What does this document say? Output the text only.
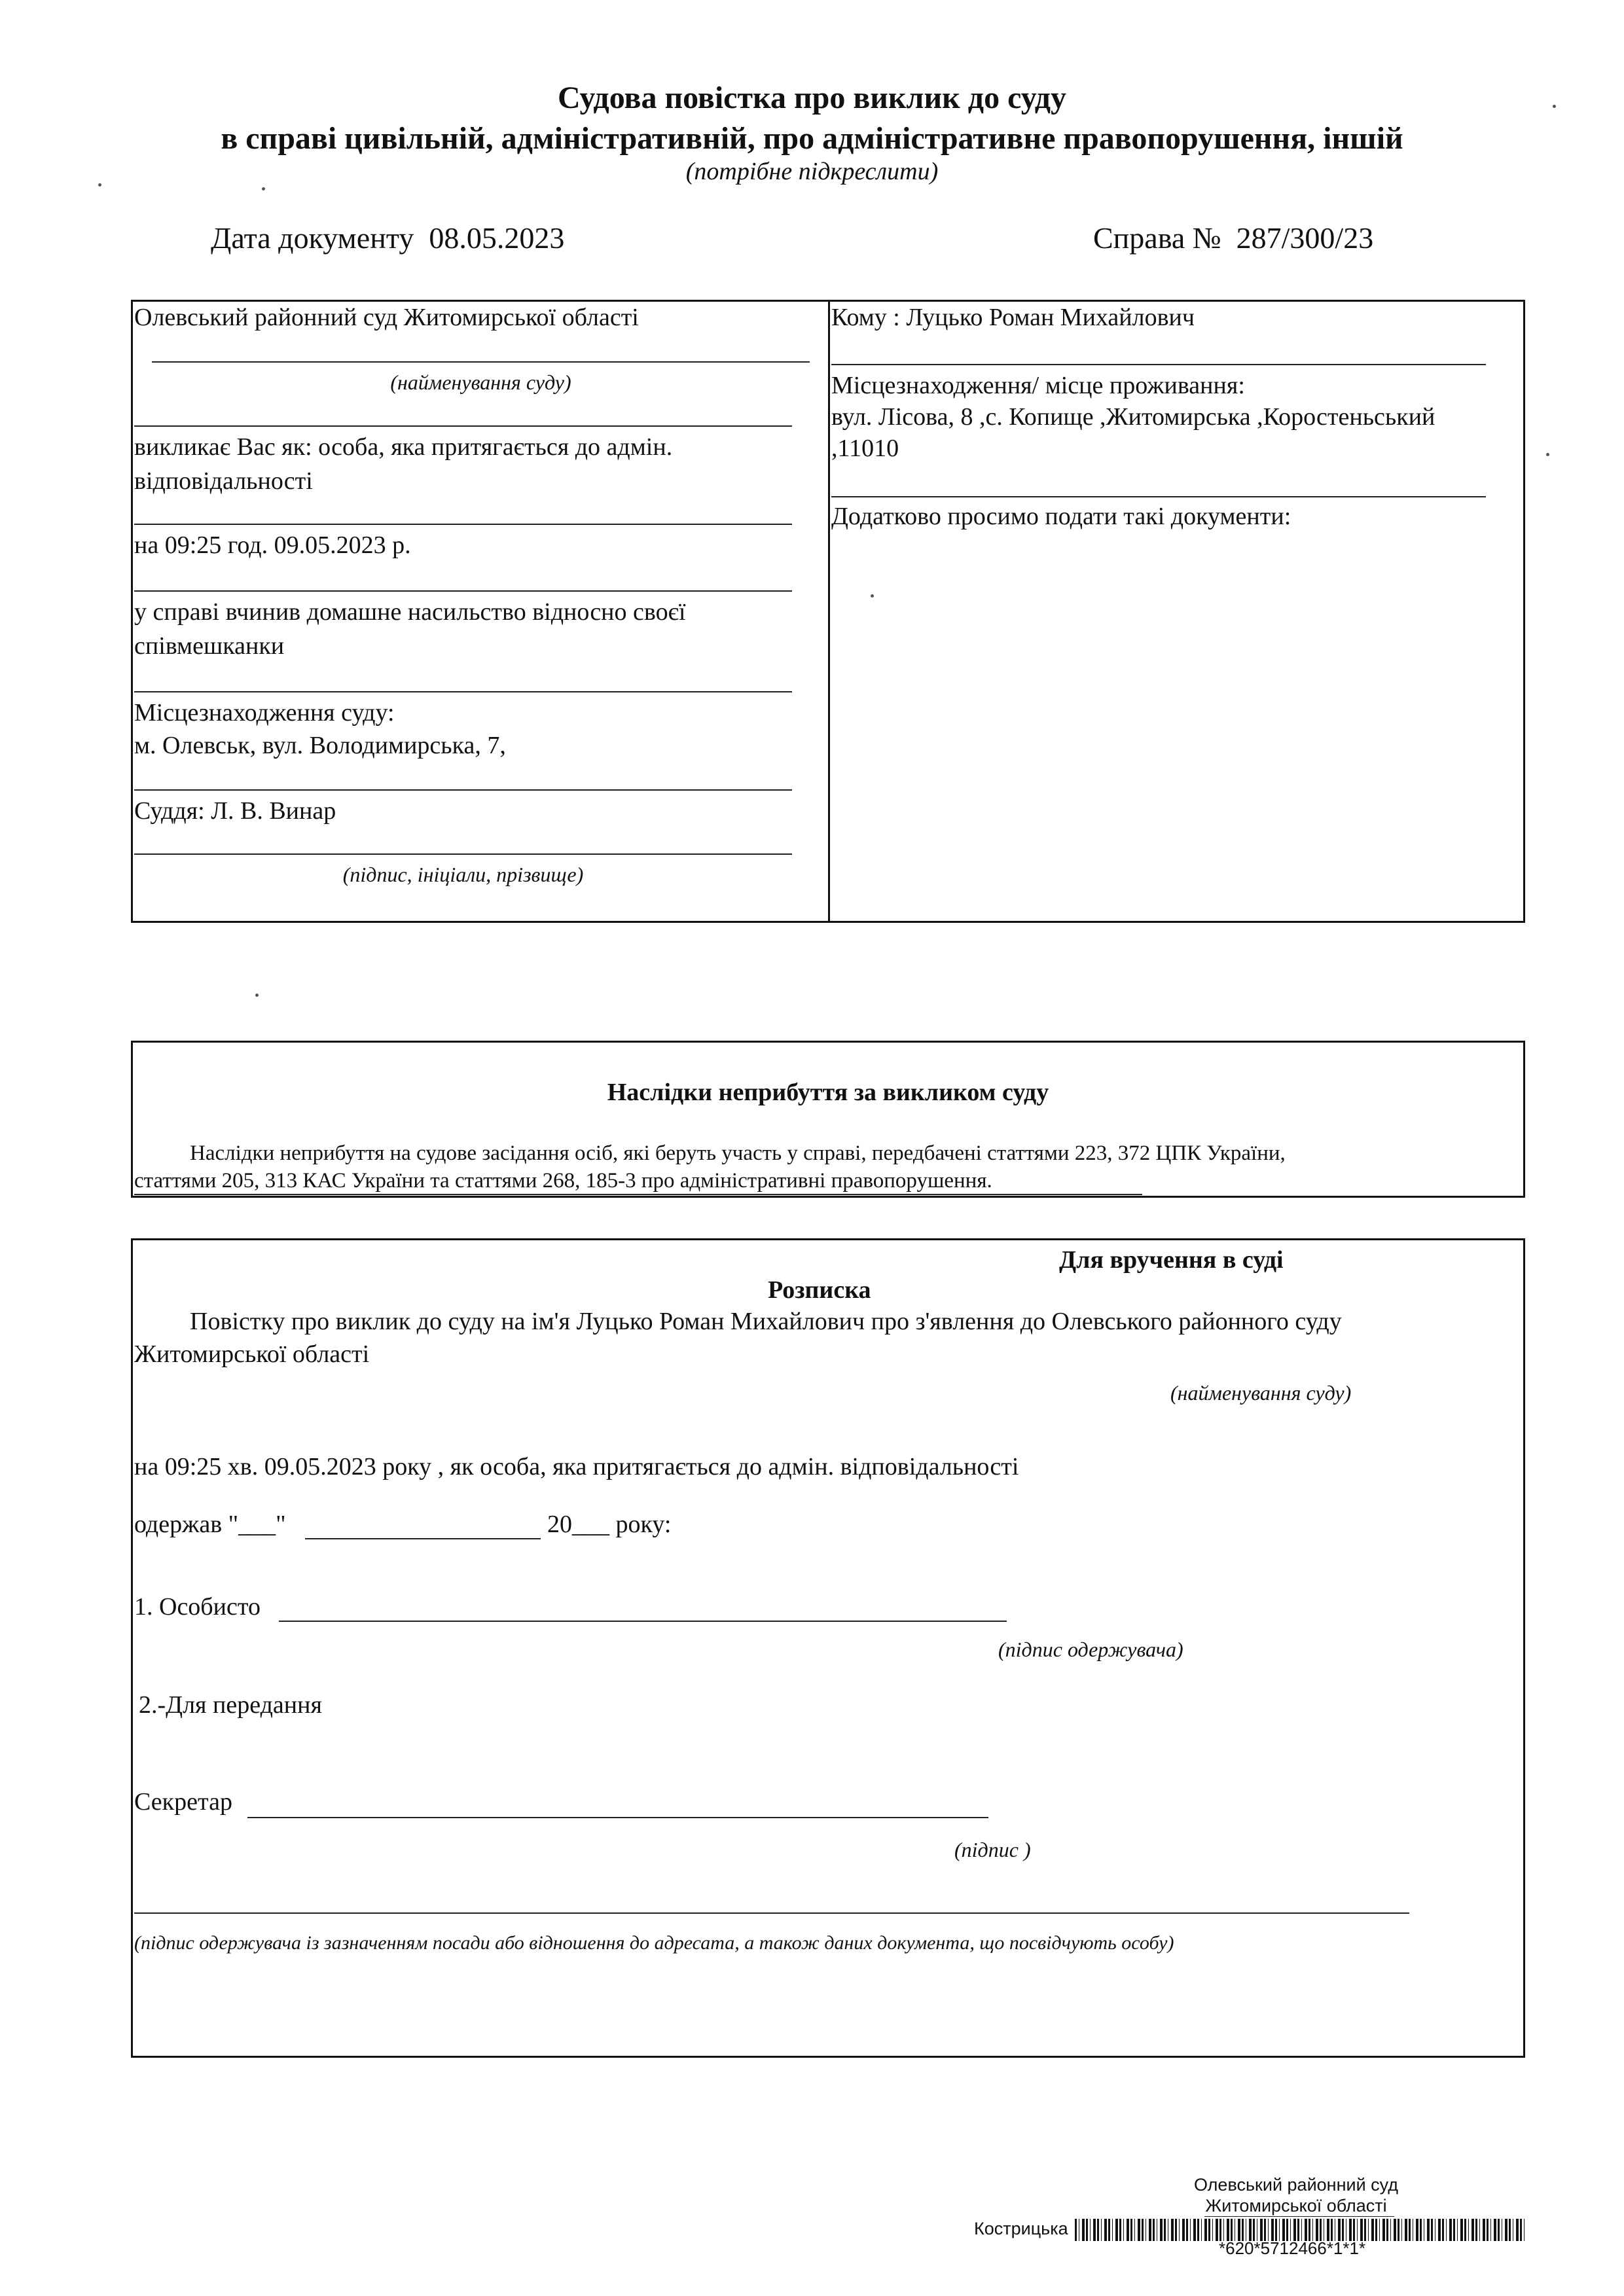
Судова повістка про виклик до суду
в справі цивільній, адміністративній, про адміністративне правопорушення, іншій
(потрібне підкреслити)
Дата документу 08.05.2023	Справа № 287/300/23
Олевський районний суд Житомирської області
(найменування суду)
викликає Вас як: особа, яка притягається до адмін.
відповідальності
на 09:25 год. 09.05.2023 р.
у справі вчинив домашне насильство відносно своєї
співмешканки
Місцезнаходження суду:
м. Олевськ, вул. Володимирська, 7,
Суддя: Л. В. Винар
(підпис, ініціали, прізвище)
Кому : Луцько Роман Михайлович
Місцезнаходження/ місце проживання:
вул. Лісова, 8 ,с. Копище ,Житомирська ,Коростеньський
,11010
Додатково просимо подати такі документи:
Наслідки неприбуття за викликом суду
Наслідки неприбуття на судове засідання осіб, які беруть участь у справі, передбачені статтями 223, 372 ЦПК України,
статтями 205, 313 КАС України та статтями 268, 185-3 про адміністративні правопорушення.
Для вручення в суді
Розписка
Повістку про виклик до суду на ім'я Луцько Роман Михайлович про з'явлення до Олевського районного суду
Житомирської області
(найменування суду)
на 09:25 хв. 09.05.2023 року , як особа, яка притягається до адмін. відповідальності
одержав "___"	20___ року:
1. Особисто
(підпис одержувача)
2.-Для передання
Секретар
(підпис )
(підпис одержувача із зазначенням посади або відношення до адресата, а також даних документа, що посвідчують особу)
Олевський районний суд
Житомирської області
Кострицька
*620*5712466*1*1*
